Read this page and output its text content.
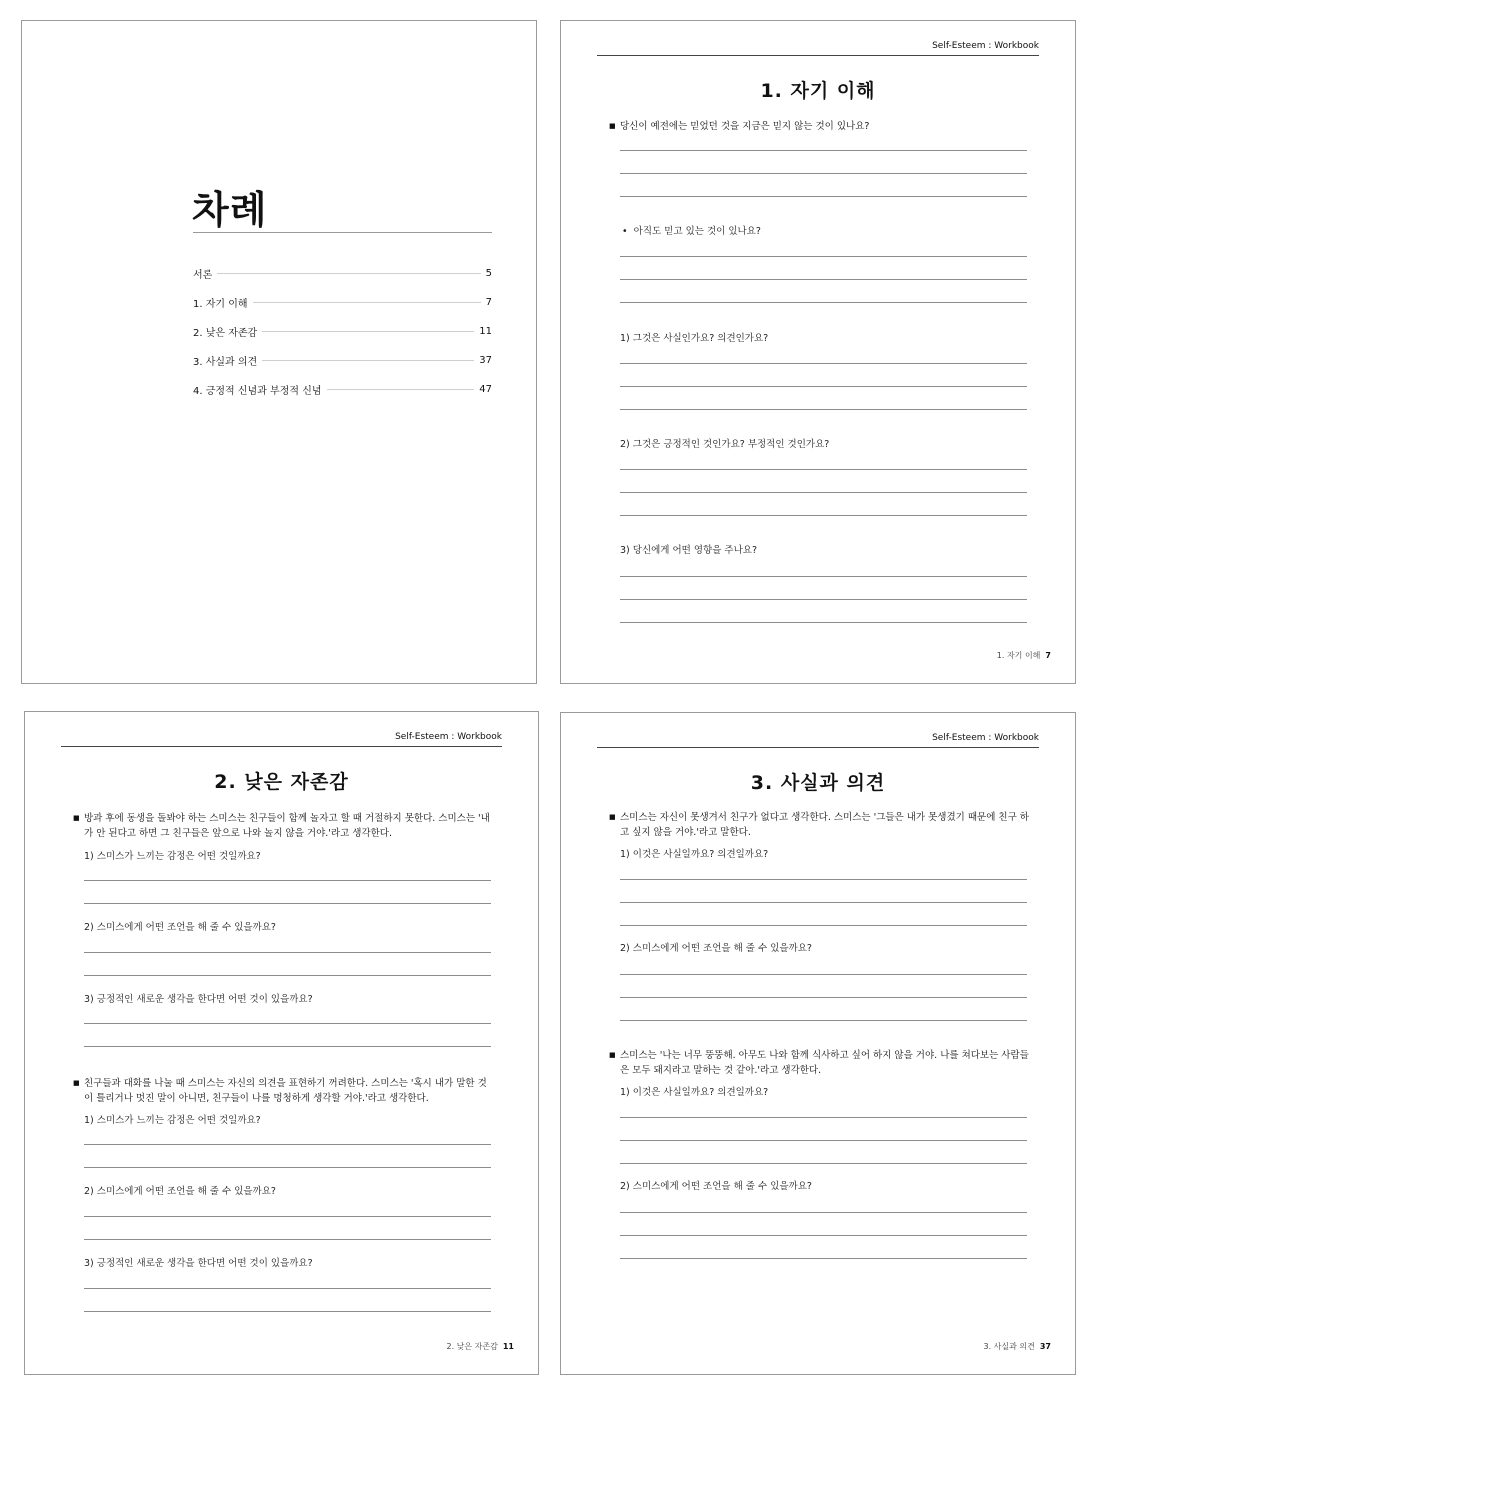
차례
서론	5
1. 자기 이해	7
2. 낮은 자존감	11
3. 사실과 의견	37
4. 긍정적 신념과 부정적 신념	47
Self-Esteem : Workbook
1. 자기 이해
■ 당신이 예전에는 믿었던 것을 지금은 믿지 않는 것이 있나요?
•  아직도 믿고 있는 것이 있나요?
1) 그것은 사실인가요? 의견인가요?
2) 그것은 긍정적인 것인가요? 부정적인 것인가요?
3) 당신에게 어떤 영향을 주나요?
1. 자기 이해 7
Self-Esteem : Workbook
2. 낮은 자존감
■ 방과 후에 동생을 돌봐야 하는 스미스는 친구들이 함께 놀자고 할 때 거절하지 못한다. 스미스는 '내가 안 된다고 하면 그 친구들은 앞으로 나와 놀지 않을 거야.'라고 생각한다.
1) 스미스가 느끼는 감정은 어떤 것일까요?
2) 스미스에게 어떤 조언을 해 줄 수 있을까요?
3) 긍정적인 새로운 생각을 한다면 어떤 것이 있을까요?
■ 친구들과 대화를 나눌 때 스미스는 자신의 의견을 표현하기 꺼려한다. 스미스는 '혹시 내가 말한 것이 틀리거나 멋진 말이 아니면, 친구들이 나를 멍청하게 생각할 거야.'라고 생각한다.
1) 스미스가 느끼는 감정은 어떤 것일까요?
2) 스미스에게 어떤 조언을 해 줄 수 있을까요?
3) 긍정적인 새로운 생각을 한다면 어떤 것이 있을까요?
2. 낮은 자존감 11
Self-Esteem : Workbook
3. 사실과 의견
■ 스미스는 자신이 못생겨서 친구가 없다고 생각한다. 스미스는 '그들은 내가 못생겼기 때문에 친구 하고 싶지 않을 거야.'라고 말한다.
1) 이것은 사실일까요? 의견일까요?
2) 스미스에게 어떤 조언을 해 줄 수 있을까요?
■ 스미스는 '나는 너무 뚱뚱해. 아무도 나와 함께 식사하고 싶어 하지 않을 거야. 나를 쳐다보는 사람들은 모두 돼지라고 말하는 것 같아.'라고 생각한다.
1) 이것은 사실일까요? 의견일까요?
2) 스미스에게 어떤 조언을 해 줄 수 있을까요?
3. 사실과 의견 37
